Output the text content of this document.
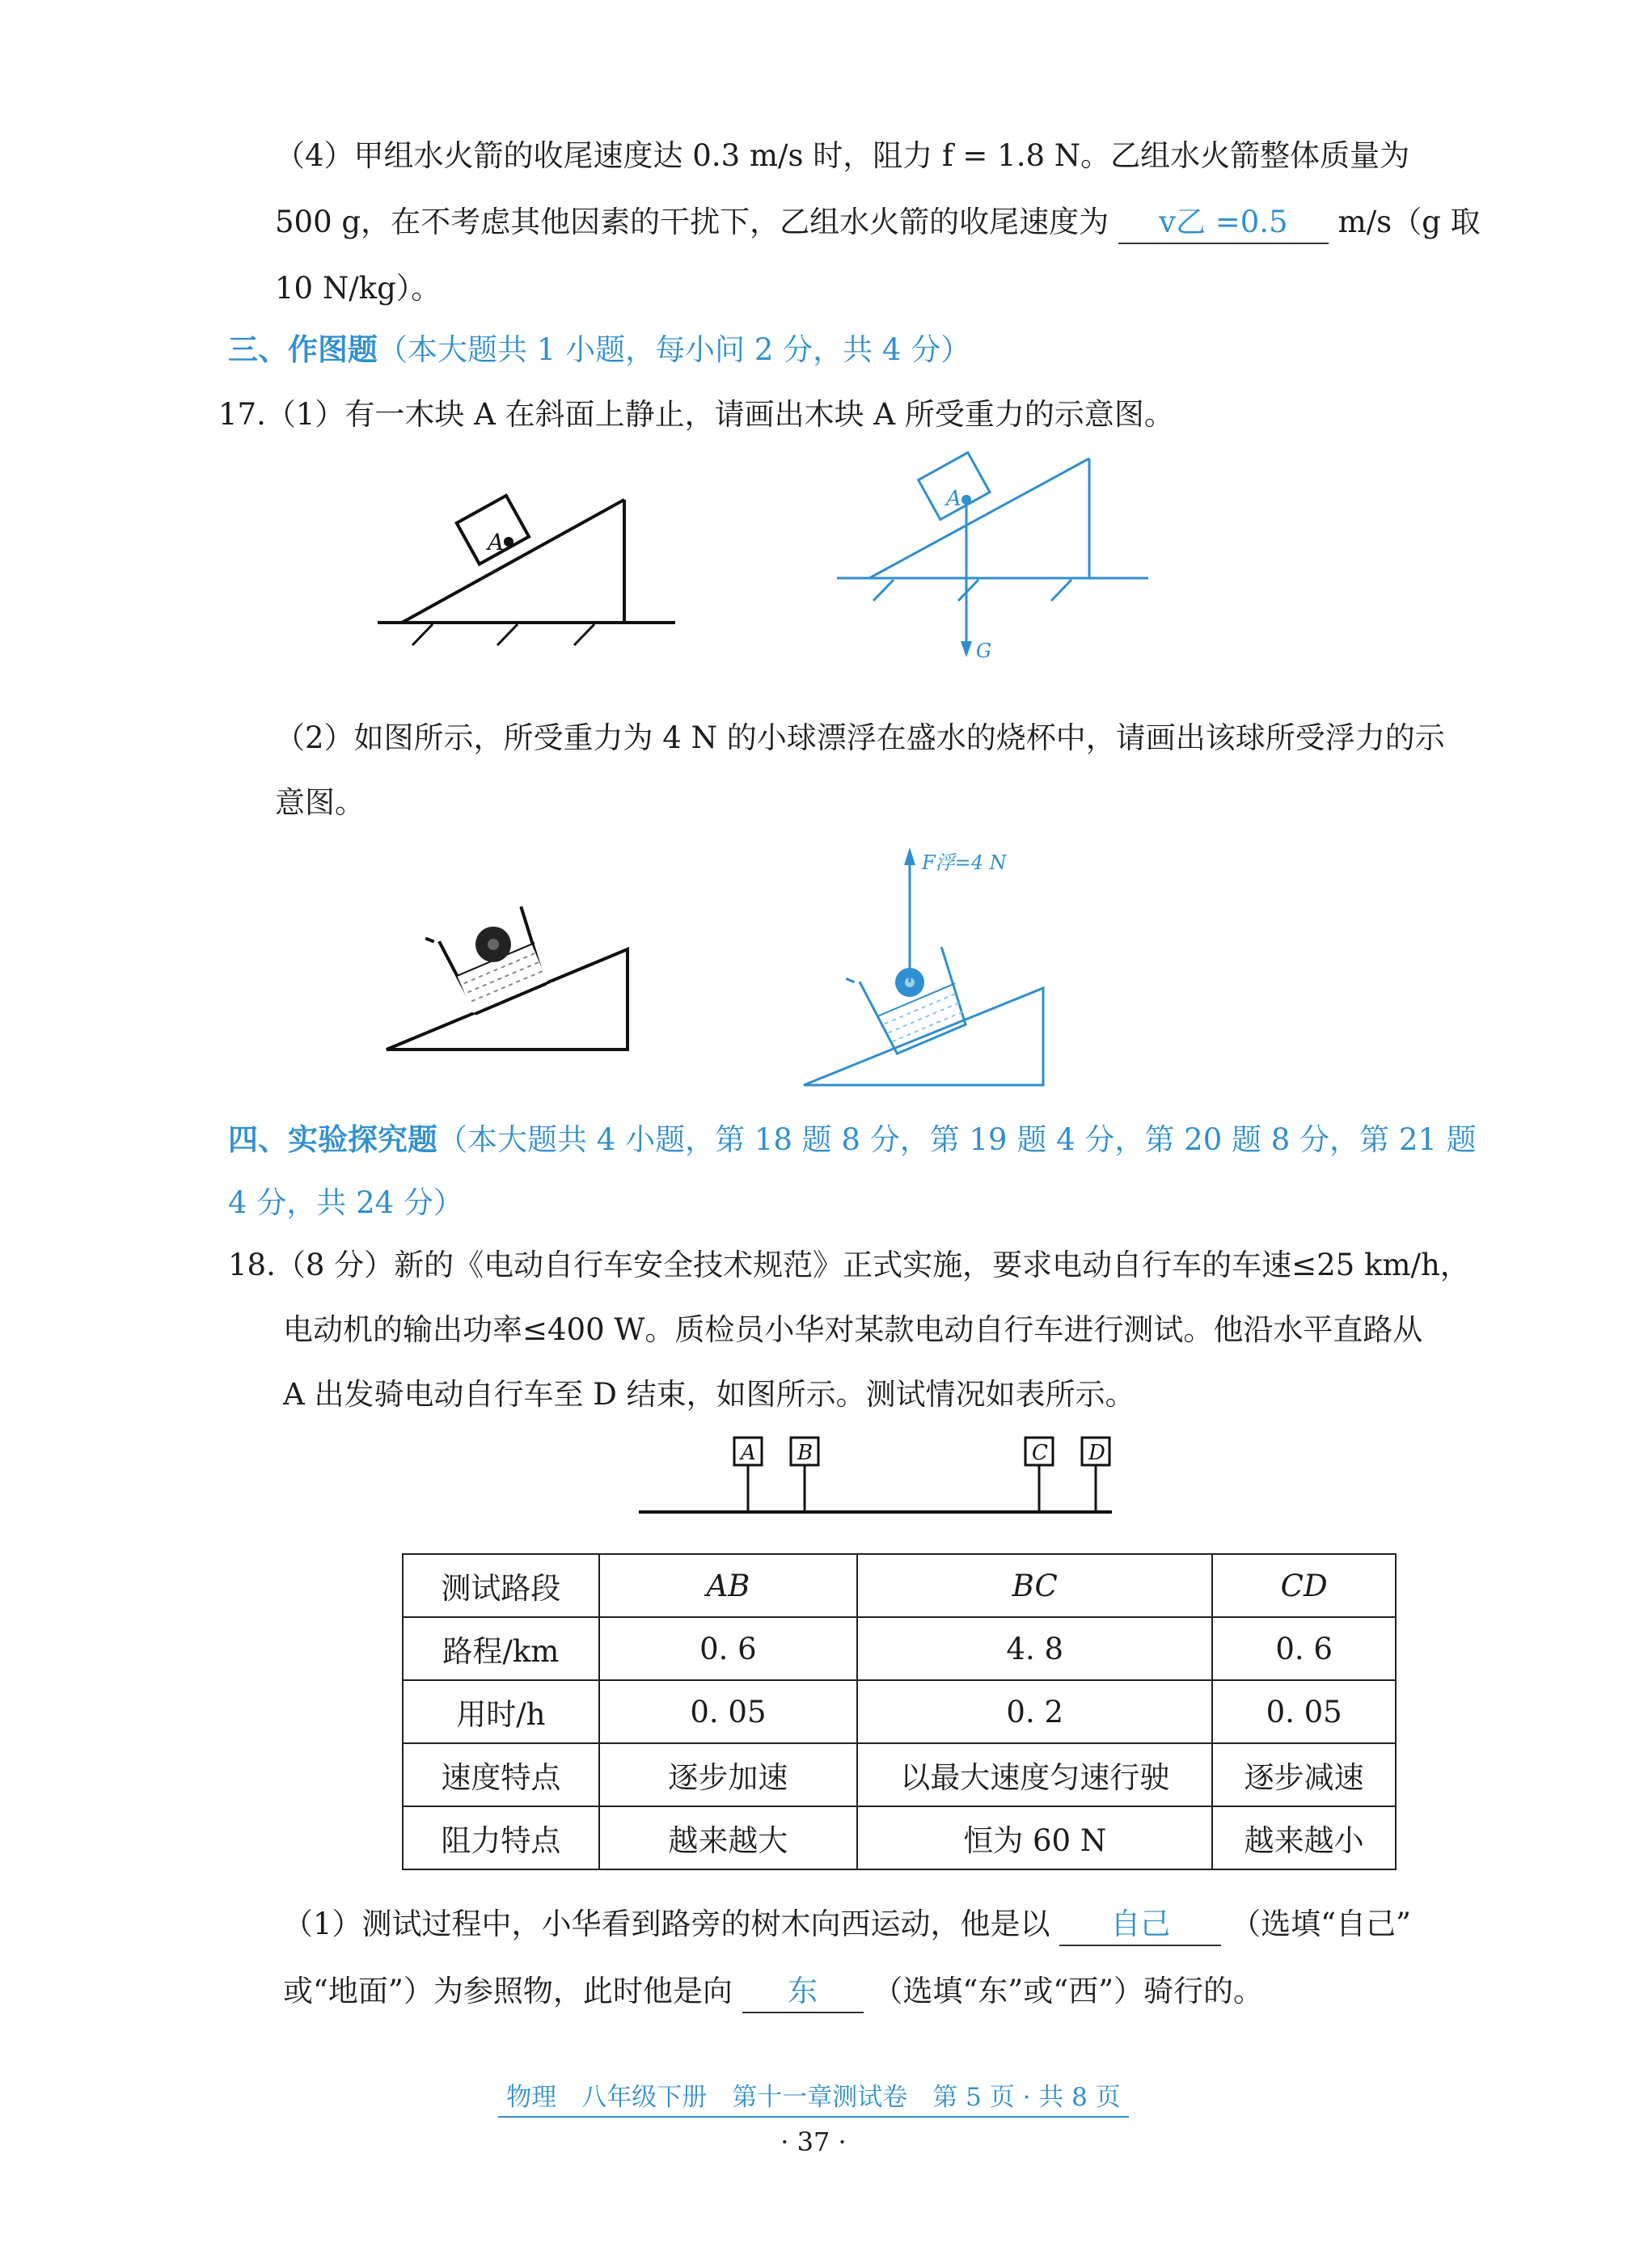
（4）甲组水火箭的收尾速度达 0.3 m/s 时，阻力 f = 1.8 N。乙组水火箭整体质量为
500 g，在不考虑其他因素的干扰下，乙组水火箭的收尾速度为 v乙 =0.5 m/s（g 取
10 N/kg）。
三、作图题（本大题共 1 小题，每小问 2 分，共 4 分）
17.（1）有一木块 A 在斜面上静止，请画出木块 A 所受重力的示意图。
A
A
G
（2）如图所示，所受重力为 4 N 的小球漂浮在盛水的烧杯中，请画出该球所受浮力的示
意图。
F浮=4 N
四、实验探究题（本大题共 4 小题，第 18 题 8 分，第 19 题 4 分，第 20 题 8 分，第 21 题
4 分，共 24 分）
18.（8 分）新的《电动自行车安全技术规范》正式实施，要求电动自行车的车速≤25 km/h，
电动机的输出功率≤400 W。质检员小华对某款电动自行车进行测试。他沿水平直路从
A 出发骑电动自行车至 D 结束，如图所示。测试情况如表所示。
A B	C D
测试路段	AB	BC	CD
路程/km	0. 6	4. 8	0. 6
用时/h	0. 05	0. 2	0. 05
速度特点	逐步加速	以最大速度匀速行驶	逐步减速
阻力特点	越来越大	恒为 60 N	越来越小
（1）测试过程中，小华看到路旁的树木向西运动，他是以 自己 （选填“自己”
或“地面”）为参照物，此时他是向 东 （选填“东”或“西”）骑行的。
物理　八年级下册　第十一章测试卷　第 5 页 · 共 8 页
· 37 ·
